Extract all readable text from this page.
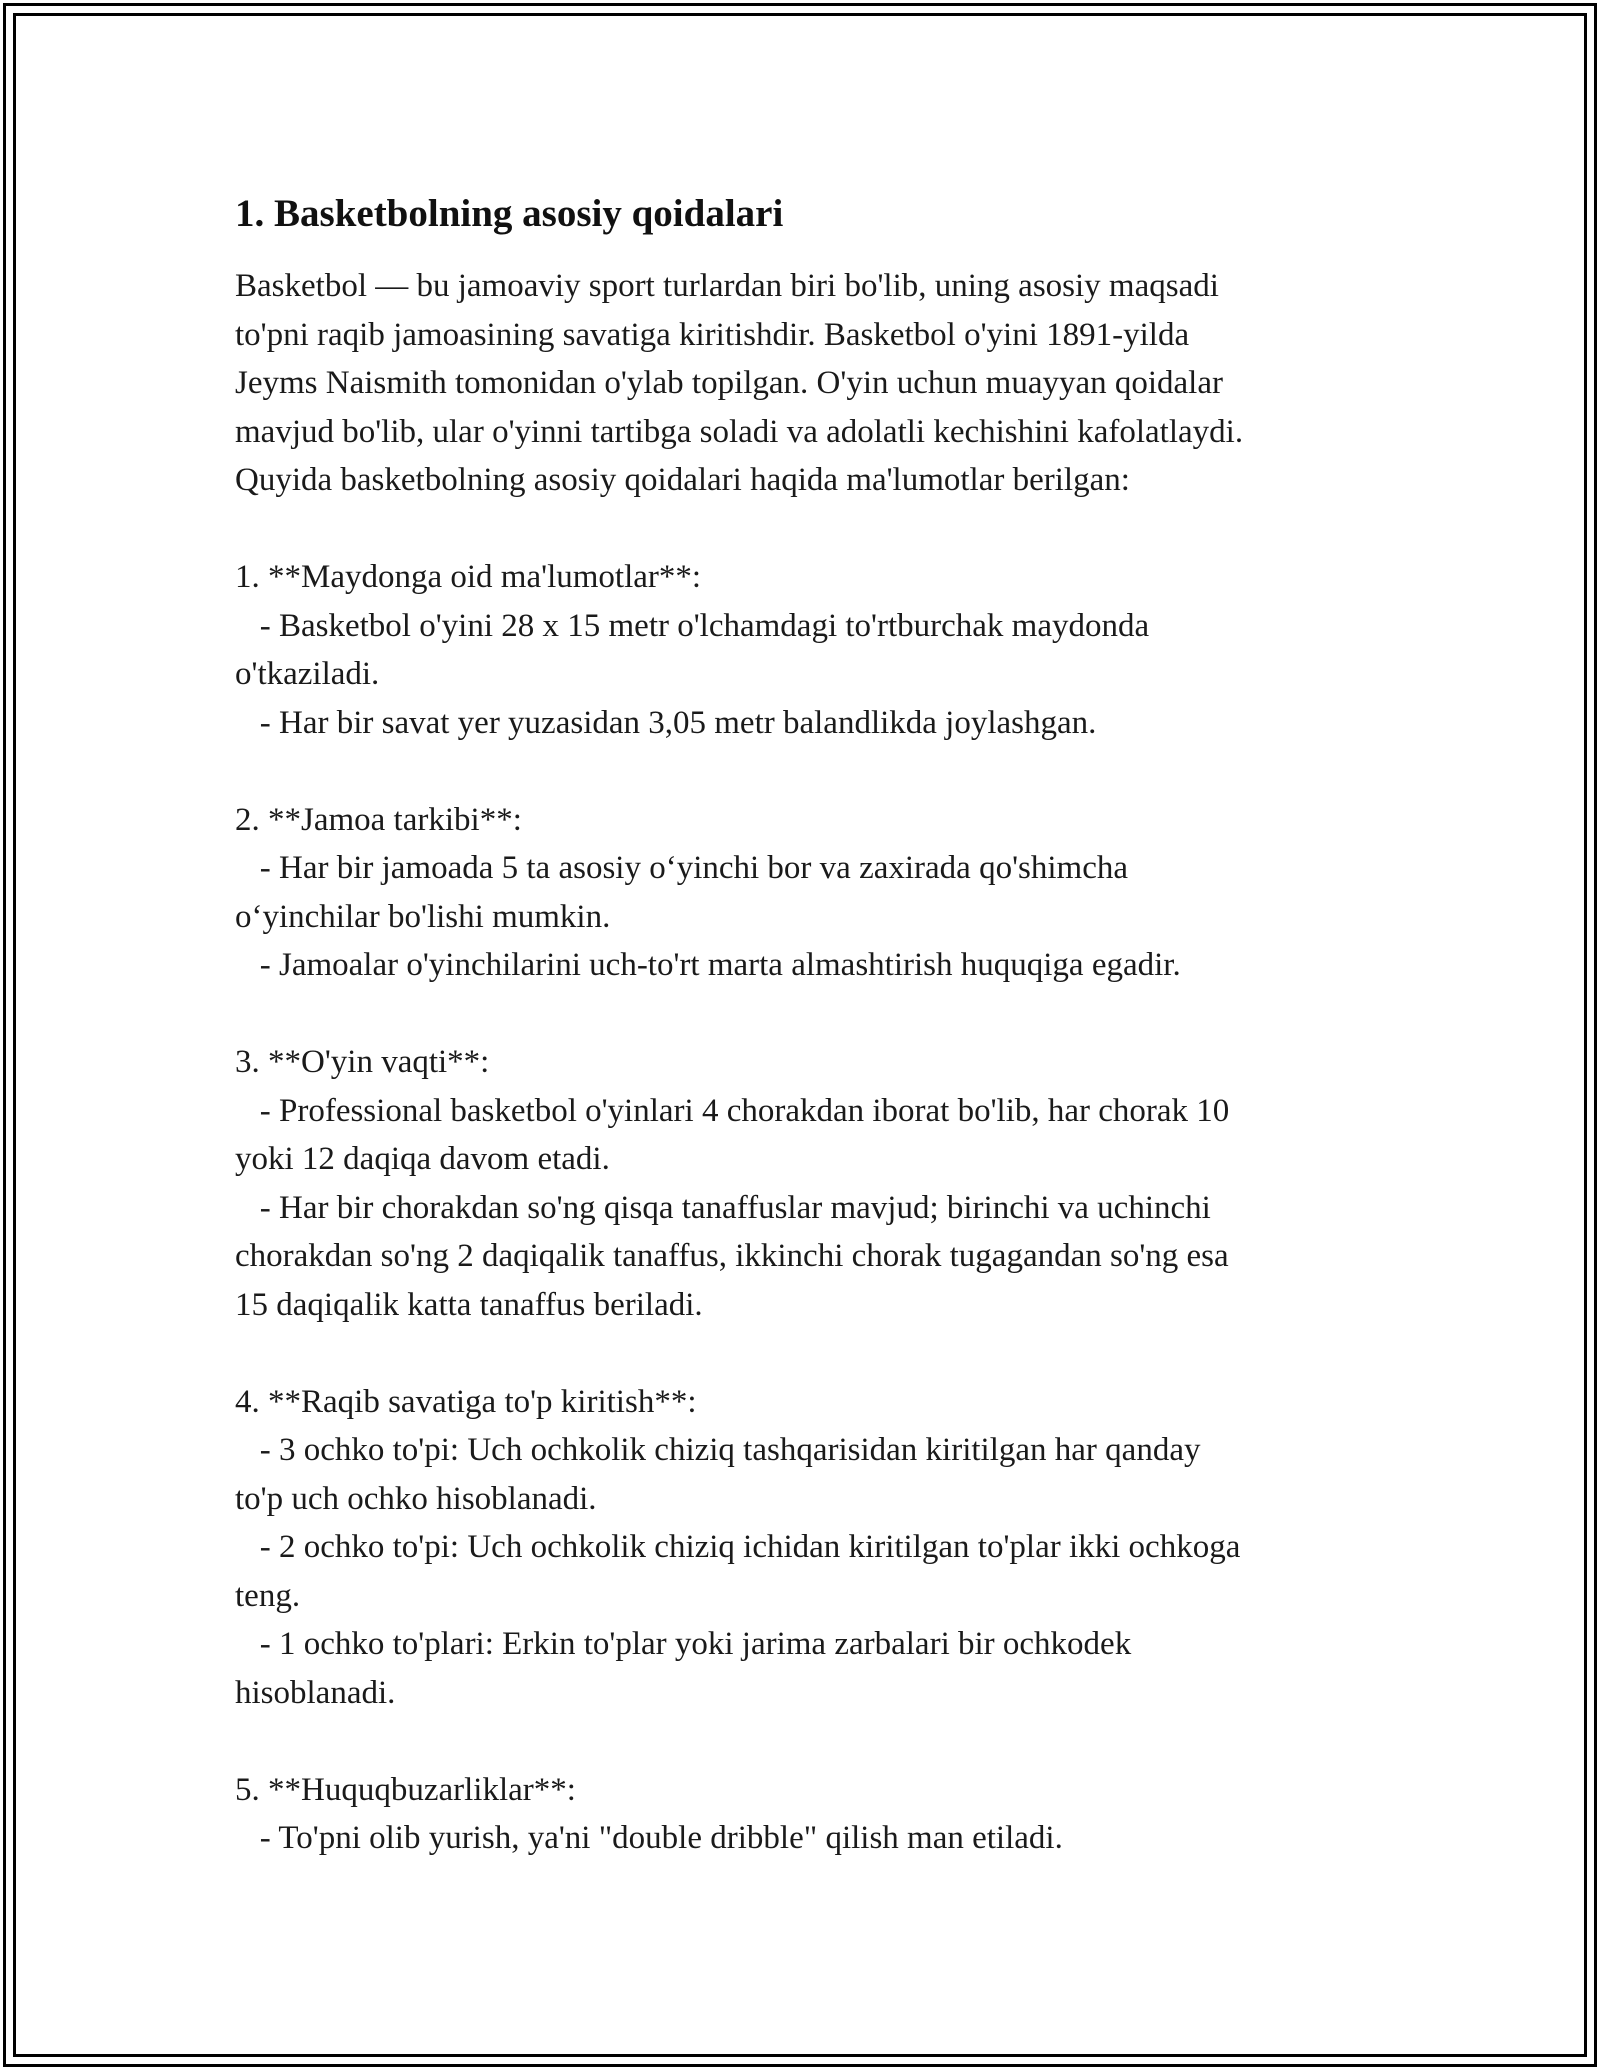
1. Basketbolning asosiy qoidalari

Basketbol — bu jamoaviy sport turlardan biri bo'lib, uning asosiy maqsadi

to'pni raqib jamoasining savatiga kiritishdir. Basketbol o'yini 1891-yilda

Jeyms Naismith tomonidan o'ylab topilgan. O'yin uchun muayyan qoidalar

mavjud bo'lib, ular o'yinni tartibga soladi va adolatli kechishini kafolatlaydi.

Quyida basketbolning asosiy qoidalari haqida ma'lumotlar berilgan:

1. **Maydonga oid ma'lumotlar**:

- Basketbol o'yini 28 x 15 metr o'lchamdagi to'rtburchak maydonda

o'tkaziladi.

- Har bir savat yer yuzasidan 3,05 metr balandlikda joylashgan.

2. **Jamoa tarkibi**:

- Har bir jamoada 5 ta asosiy o‘yinchi bor va zaxirada qo'shimcha

o‘yinchilar bo'lishi mumkin.

- Jamoalar o'yinchilarini uch-to'rt marta almashtirish huquqiga egadir.

3. **O'yin vaqti**:

- Professional basketbol o'yinlari 4 chorakdan iborat bo'lib, har chorak 10

yoki 12 daqiqa davom etadi.

- Har bir chorakdan so'ng qisqa tanaffuslar mavjud; birinchi va uchinchi

chorakdan so'ng 2 daqiqalik tanaffus, ikkinchi chorak tugagandan so'ng esa

15 daqiqalik katta tanaffus beriladi.

4. **Raqib savatiga to'p kiritish**:

- 3 ochko to'pi: Uch ochkolik chiziq tashqarisidan kiritilgan har qanday

to'p uch ochko hisoblanadi.

- 2 ochko to'pi: Uch ochkolik chiziq ichidan kiritilgan to'plar ikki ochkoga

teng.

- 1 ochko to'plari: Erkin to'plar yoki jarima zarbalari bir ochkodek

hisoblanadi.

5. **Huquqbuzarliklar**:

- To'pni olib yurish, ya'ni "double dribble" qilish man etiladi.
